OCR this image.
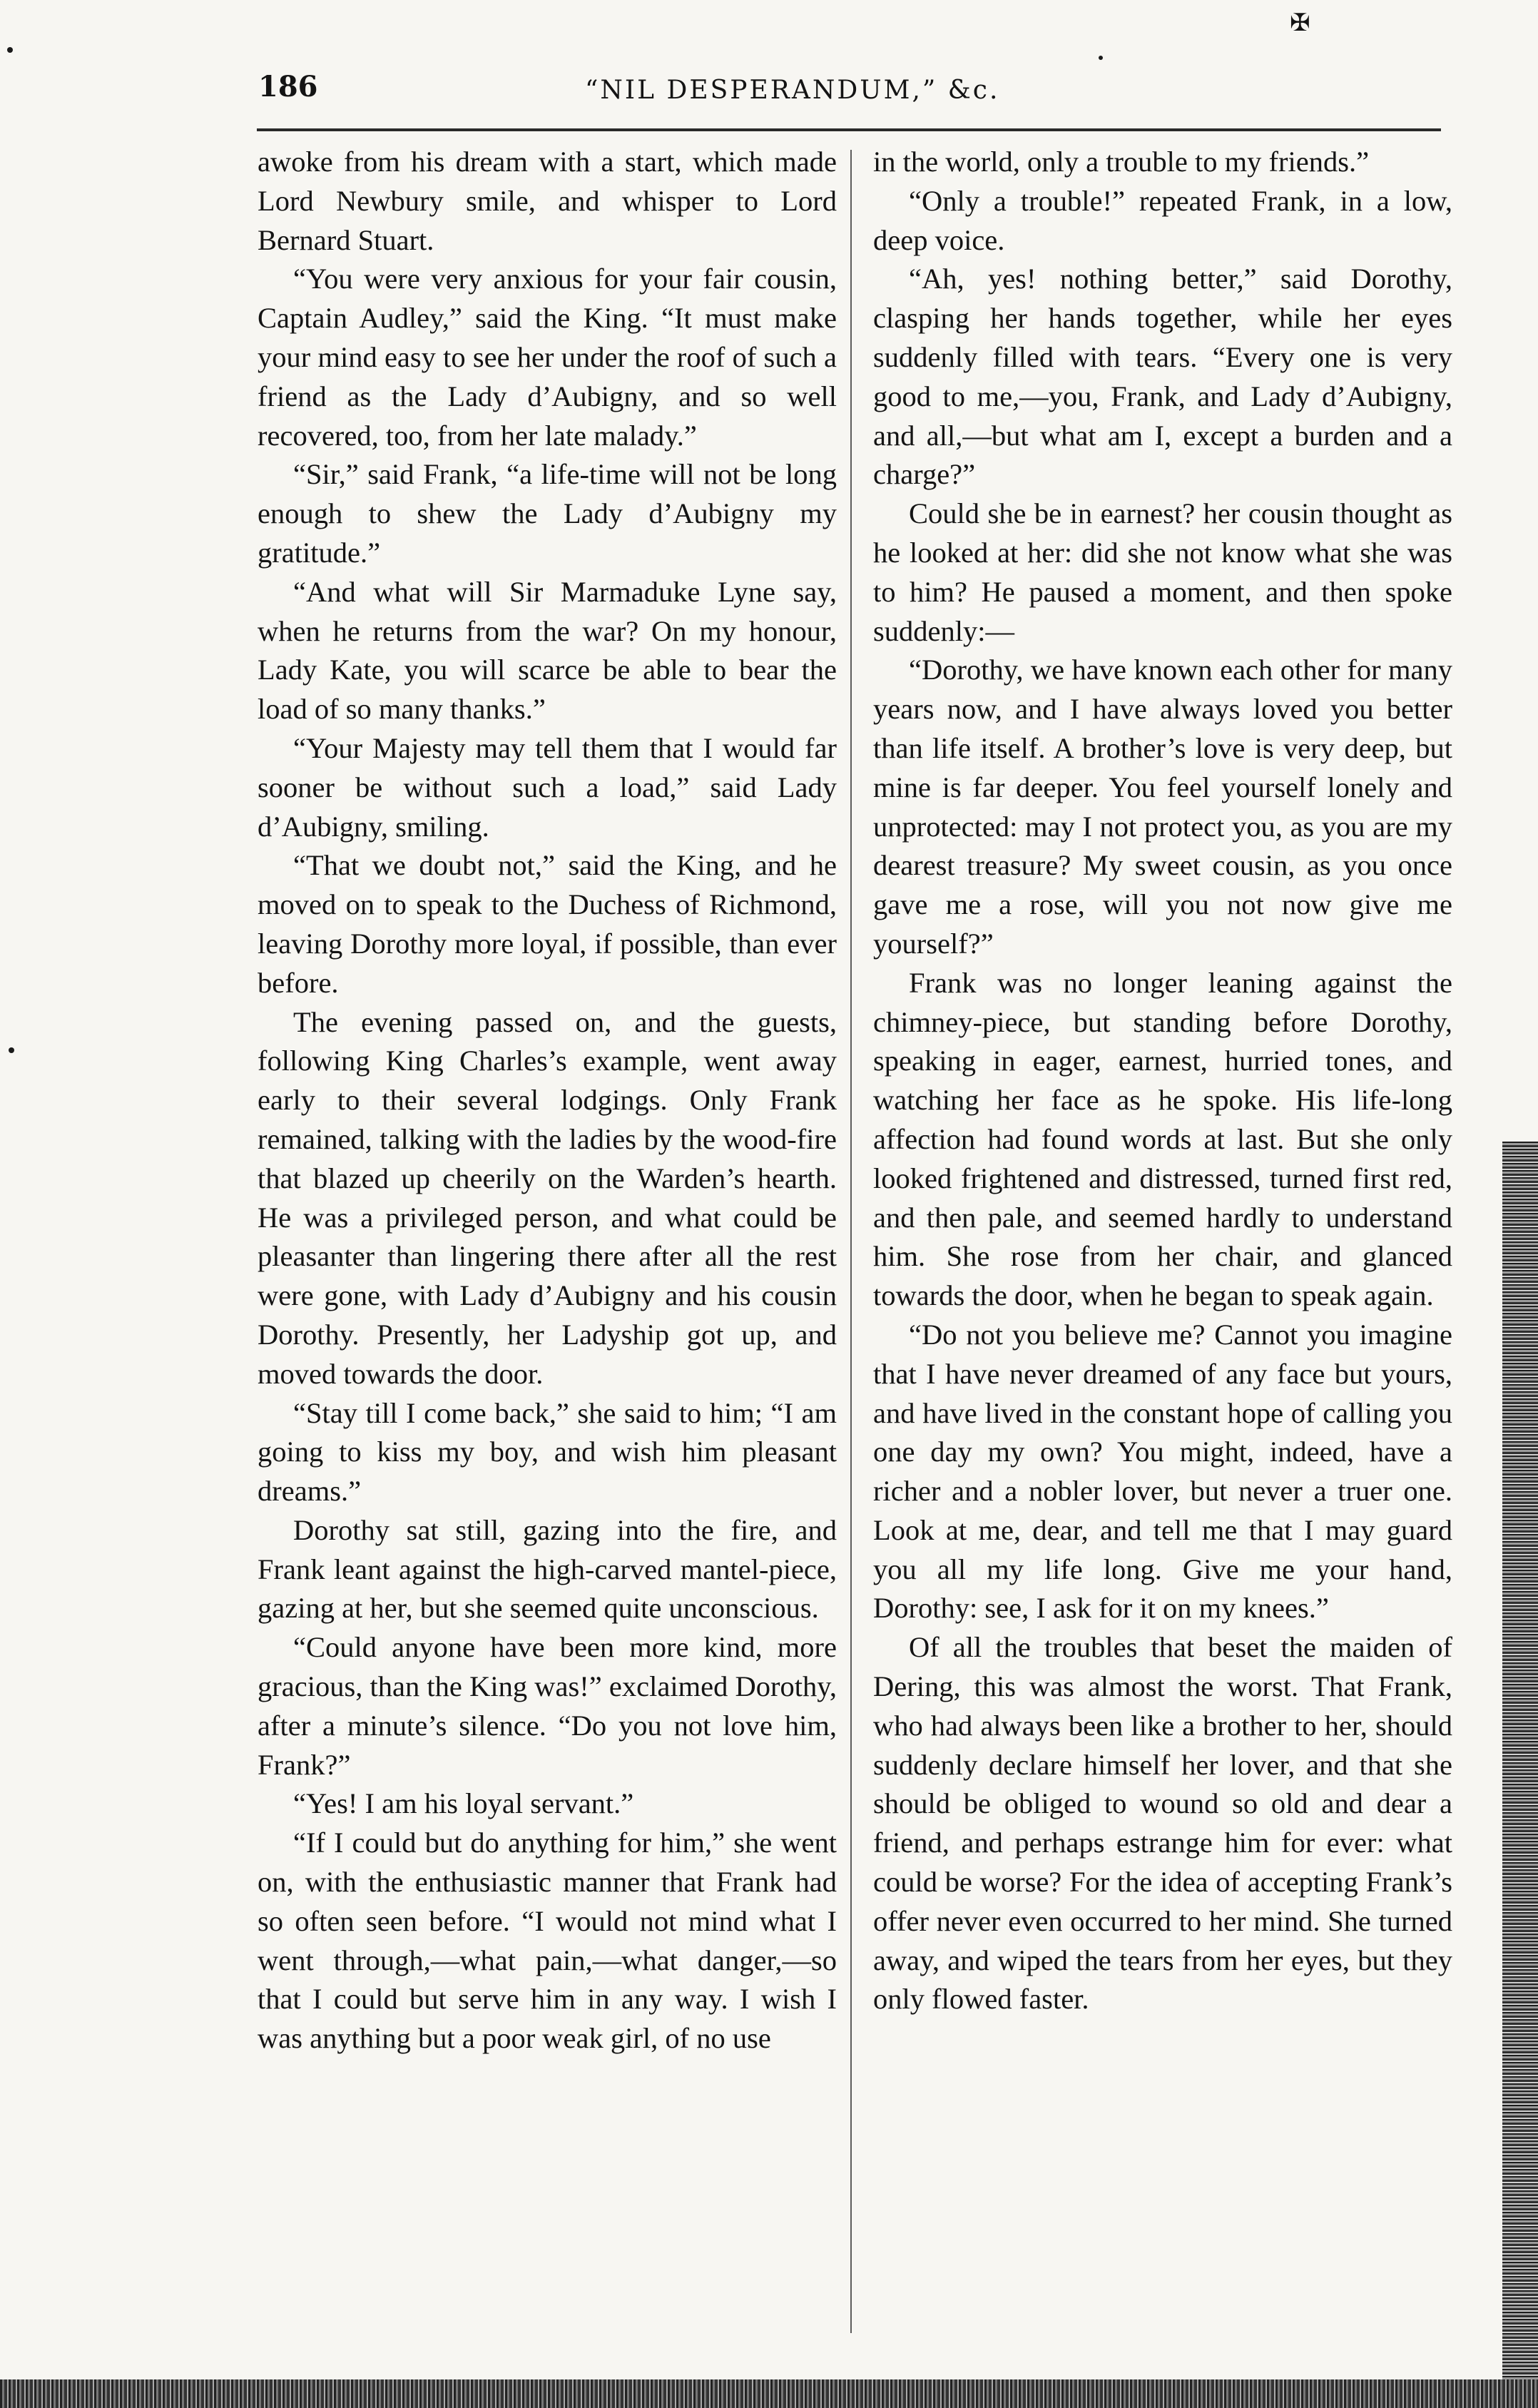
✠
186	“NIL DESPERANDUM,” &c.

awoke from his dream with a start, which made Lord Newbury smile, and whisper to Lord Bernard Stuart.

“You were very anxious for your fair cousin, Captain Audley,” said the King. “It must make your mind easy to see her under the roof of such a friend as the Lady d’Aubigny, and so well recovered, too, from her late malady.”

“Sir,” said Frank, “a life-time will not be long enough to shew the Lady d’Aubigny my gratitude.”

“And what will Sir Marmaduke Lyne say, when he returns from the war? On my honour, Lady Kate, you will scarce be able to bear the load of so many thanks.”

“Your Majesty may tell them that I would far sooner be without such a load,” said Lady d’Aubigny, smiling.

“That we doubt not,” said the King, and he moved on to speak to the Duchess of Richmond, leaving Dorothy more loyal, if possible, than ever before.

The evening passed on, and the guests, following King Charles’s example, went away early to their several lodgings. Only Frank remained, talking with the ladies by the wood-fire that blazed up cheerily on the Warden’s hearth. He was a privileged person, and what could be pleasanter than lingering there after all the rest were gone, with Lady d’Aubigny and his cousin Dorothy. Presently, her Ladyship got up, and moved towards the door.

“Stay till I come back,” she said to him; “I am going to kiss my boy, and wish him pleasant dreams.”

Dorothy sat still, gazing into the fire, and Frank leant against the high-carved mantel-piece, gazing at her, but she seemed quite unconscious.

“Could anyone have been more kind, more gracious, than the King was!” exclaimed Dorothy, after a minute’s silence. “Do you not love him, Frank?”

“Yes! I am his loyal servant.”

“If I could but do anything for him,” she went on, with the enthusiastic manner that Frank had so often seen before. “I would not mind what I went through,—what pain,—what danger,—so that I could but serve him in any way. I wish I was anything but a poor weak girl, of no use

in the world, only a trouble to my friends.”

“Only a trouble!” repeated Frank, in a low, deep voice.

“Ah, yes! nothing better,” said Dorothy, clasping her hands together, while her eyes suddenly filled with tears. “Every one is very good to me,—you, Frank, and Lady d’Aubigny, and all,—but what am I, except a burden and a charge?”

Could she be in earnest? her cousin thought as he looked at her: did she not know what she was to him? He paused a moment, and then spoke suddenly:—

“Dorothy, we have known each other for many years now, and I have always loved you better than life itself. A brother’s love is very deep, but mine is far deeper. You feel yourself lonely and unprotected: may I not protect you, as you are my dearest treasure? My sweet cousin, as you once gave me a rose, will you not now give me yourself?”

Frank was no longer leaning against the chimney-piece, but standing before Dorothy, speaking in eager, earnest, hurried tones, and watching her face as he spoke. His life-long affection had found words at last. But she only looked frightened and distressed, turned first red, and then pale, and seemed hardly to understand him. She rose from her chair, and glanced towards the door, when he began to speak again.

“Do not you believe me? Cannot you imagine that I have never dreamed of any face but yours, and have lived in the constant hope of calling you one day my own? You might, indeed, have a richer and a nobler lover, but never a truer one. Look at me, dear, and tell me that I may guard you all my life long. Give me your hand, Dorothy: see, I ask for it on my knees.”

Of all the troubles that beset the maiden of Dering, this was almost the worst. That Frank, who had always been like a brother to her, should suddenly declare himself her lover, and that she should be obliged to wound so old and dear a friend, and perhaps estrange him for ever: what could be worse? For the idea of accepting Frank’s offer never even occurred to her mind. She turned away, and wiped the tears from her eyes, but they only flowed faster.
